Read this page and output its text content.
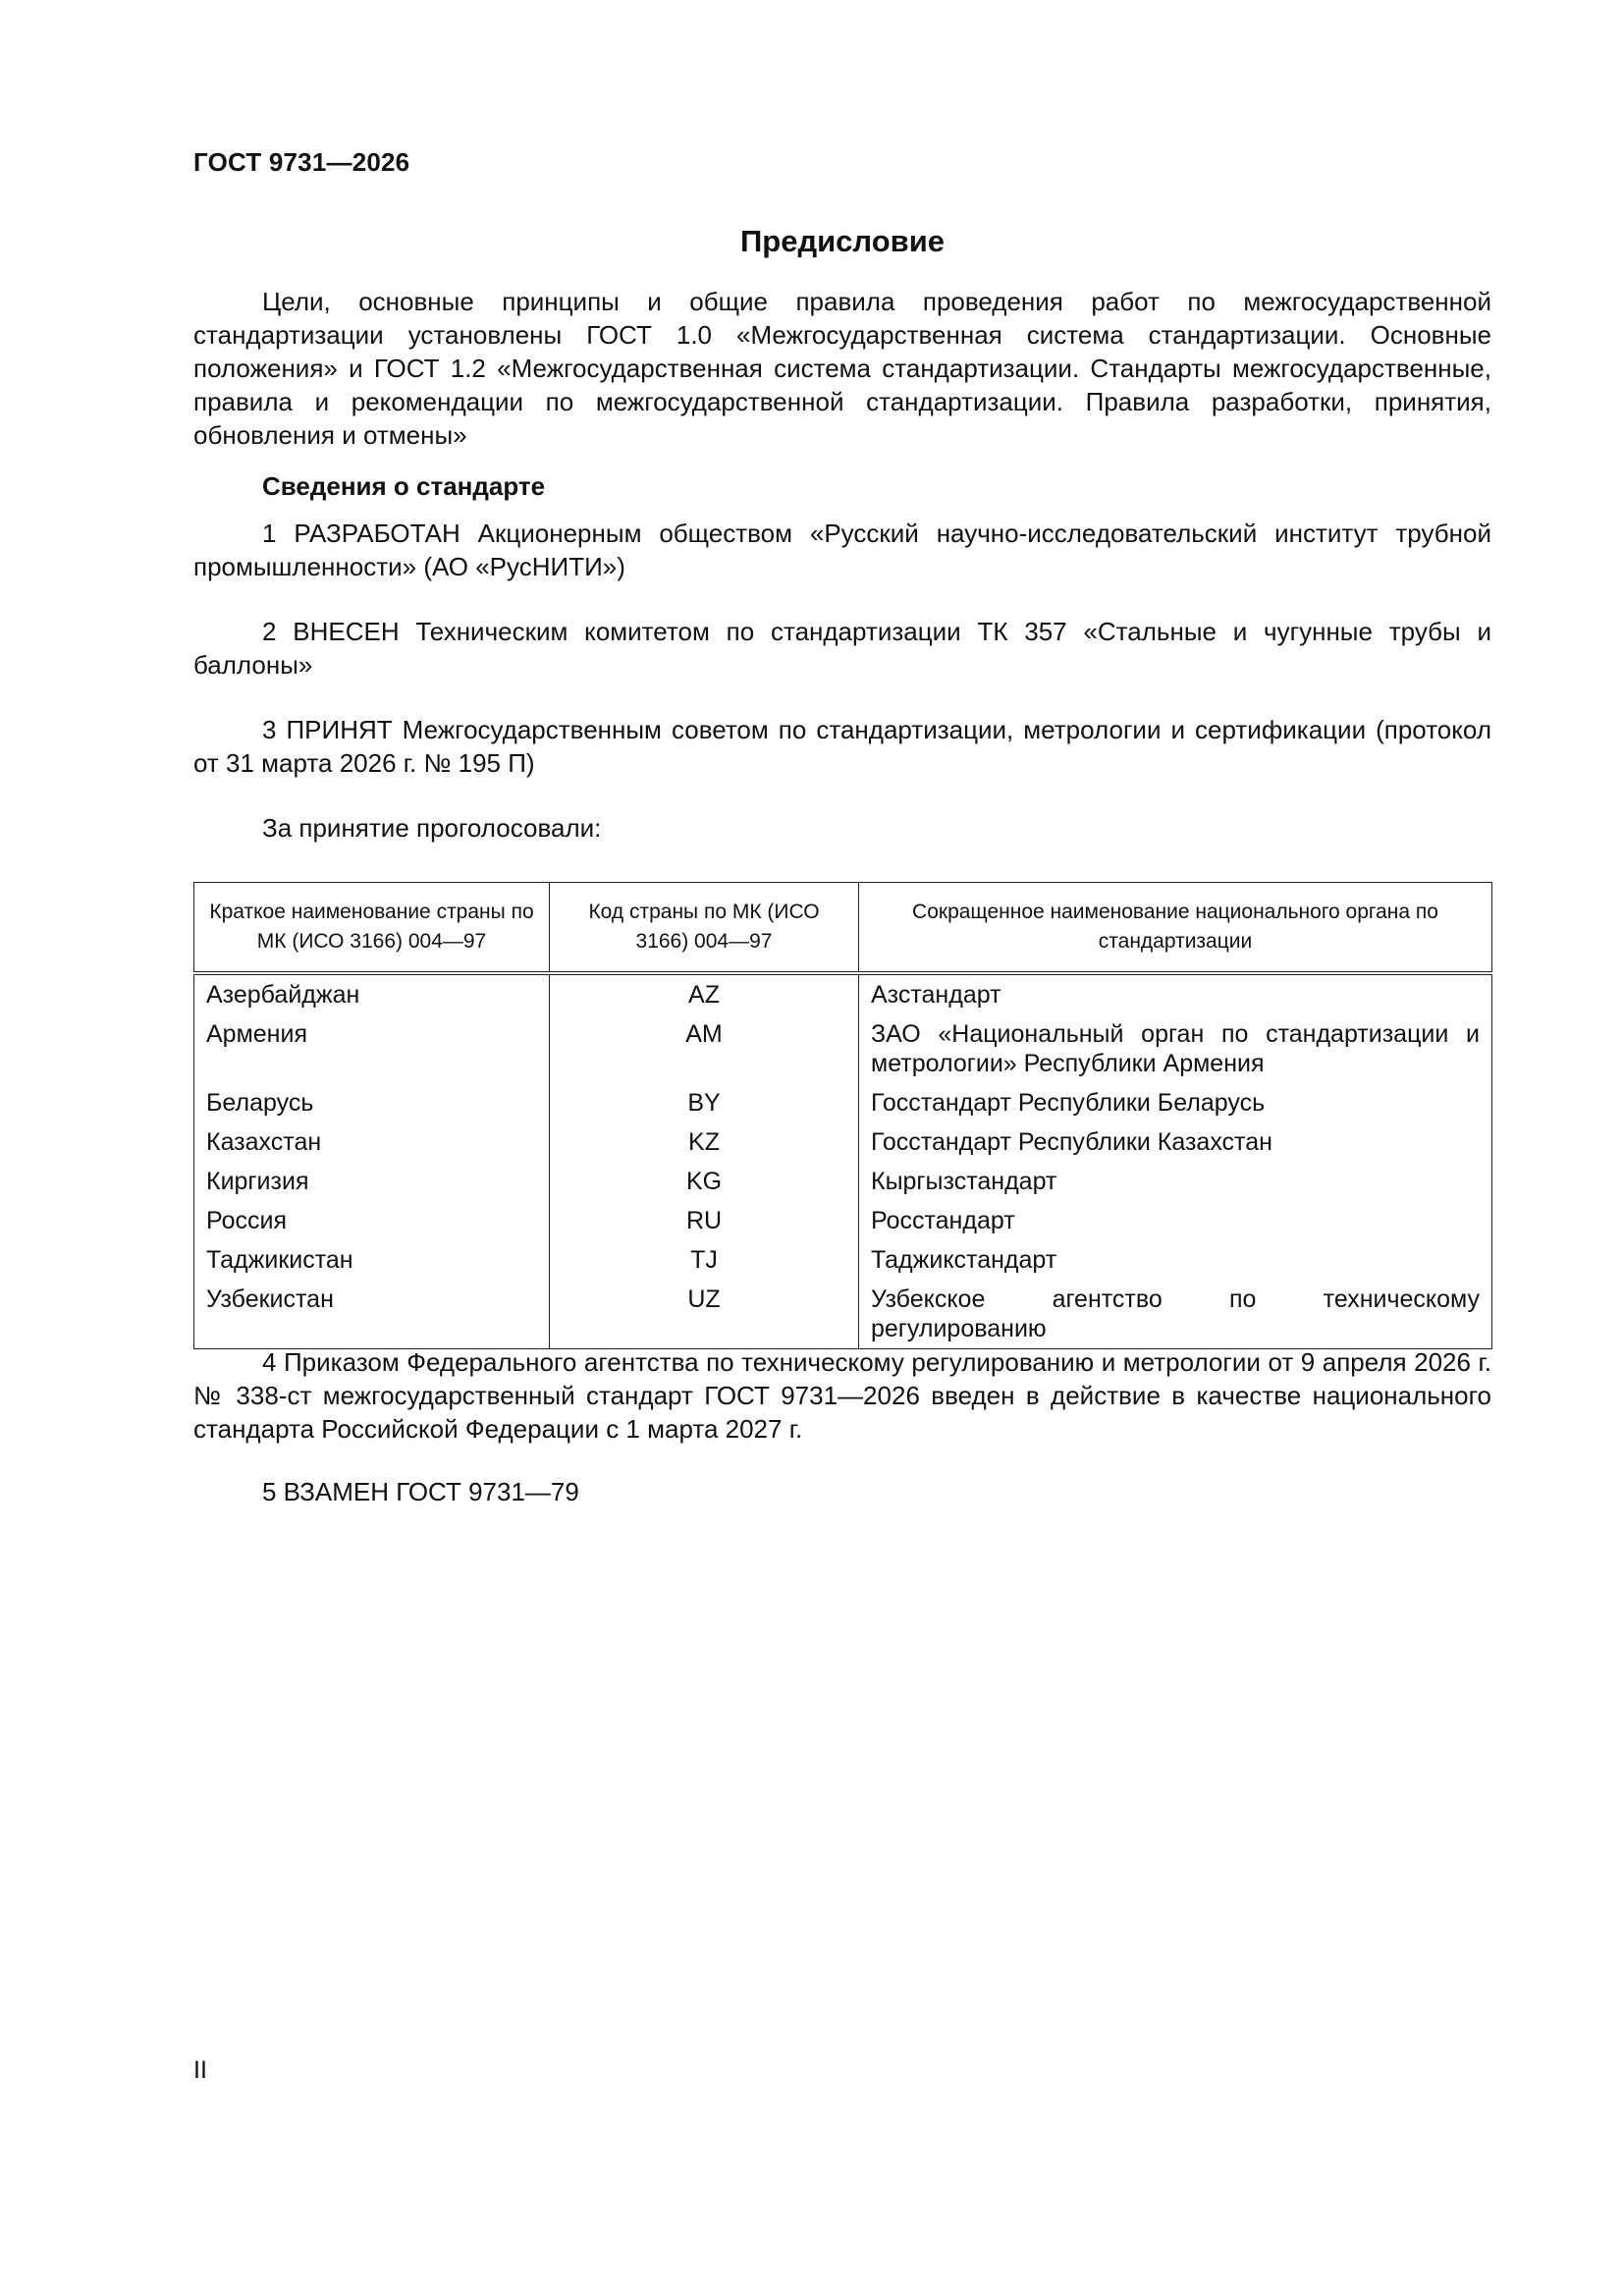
ГОСТ 9731—2026
Предисловие

Цели, основные принципы и общие правила проведения работ по межгосударственной стандартизации установлены ГОСТ 1.0 «Межгосударственная система стандартизации. Основные положения» и ГОСТ 1.2 «Межгосударственная система стандартизации. Стандарты межгосударственные, правила и рекомендации по межгосударственной стандартизации. Правила разработки, принятия, обновления и отмены»

Сведения о стандарте

1 РАЗРАБОТАН Акционерным обществом «Русский научно-исследовательский институт трубной промышленности» (АО «РусНИТИ»)

2 ВНЕСЕН Техническим комитетом по стандартизации ТК 357 «Стальные и чугунные трубы и баллоны»

3 ПРИНЯТ Межгосударственным советом по стандартизации, метрологии и сертификации (протокол от 31 марта 2026 г. № 195 П)

За принятие проголосовали:

Краткое наименование страны по МК (ИСО 3166) 004—97	Код страны по МК (ИСО 3166) 004—97	Сокращенное наименование национального органа по стандартизации
Азербайджан	AZ	Азстандарт
Армения	AM	ЗАО «Национальный орган по стандартизации и метрологии» Республики Армения
Беларусь	BY	Госстандарт Республики Беларусь
Казахстан	KZ	Госстандарт Республики Казахстан
Киргизия	KG	Кыргызстандарт
Россия	RU	Росстандарт
Таджикистан	TJ	Таджикстандарт
Узбекистан	UZ	Узбекское агентство по техническому регулированию

4 Приказом Федерального агентства по техническому регулированию и метрологии от 9 апреля 2026 г. № 338-ст межгосударственный стандарт ГОСТ 9731—2026 введен в действие в качестве национального стандарта Российской Федерации с 1 марта 2027 г.

5 ВЗАМЕН ГОСТ 9731—79

II
